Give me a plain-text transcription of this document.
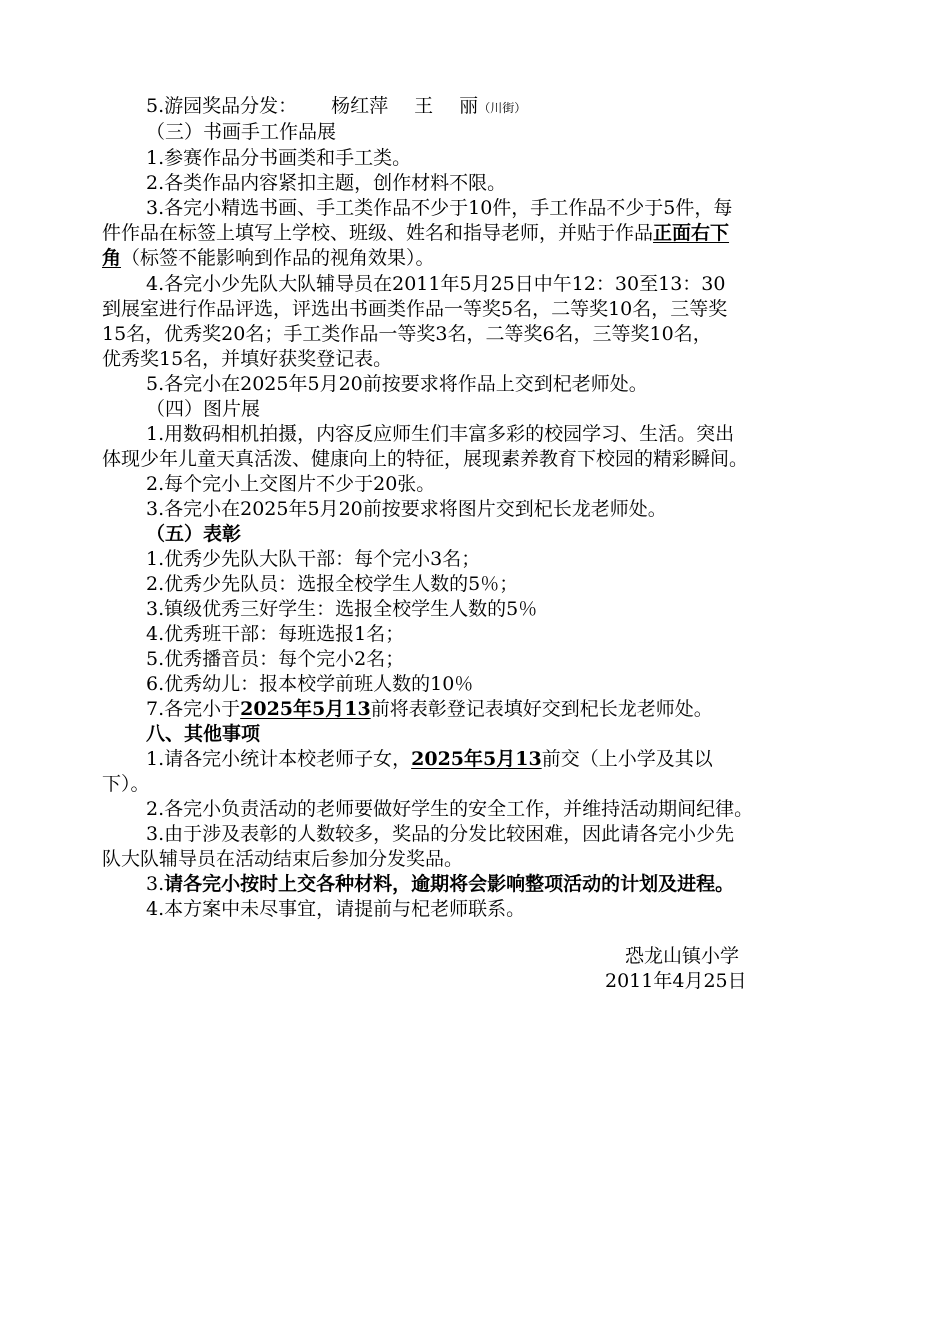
5.游园奖品分发： 杨红萍 王 丽（川街）
（三）书画手工作品展
1.参赛作品分书画类和手工类。
2.各类作品内容紧扣主题，创作材料不限。
3.各完小精选书画、手工类作品不少于10件，手工作品不少于5件，每
件作品在标签上填写上学校、班级、姓名和指导老师，并贴于作品正面右下
角（标签不能影响到作品的视角效果）。
4.各完小少先队大队辅导员在2011年5月25日中午12：30至13：30
到展室进行作品评选，评选出书画类作品一等奖5名，二等奖10名，三等奖
15名，优秀奖20名；手工类作品一等奖3名，二等奖6名，三等奖10名，
优秀奖15名，并填好获奖登记表。
5.各完小在2025年5月20前按要求将作品上交到杞老师处。
（四）图片展
1.用数码相机拍摄，内容反应师生们丰富多彩的校园学习、生活。突出
体现少年儿童天真活泼、健康向上的特征，展现素养教育下校园的精彩瞬间。
2.每个完小上交图片不少于20张。
3.各完小在2025年5月20前按要求将图片交到杞长龙老师处。
（五）表彰
1.优秀少先队大队干部：每个完小3名；
2.优秀少先队员：选报全校学生人数的5％；
3.镇级优秀三好学生：选报全校学生人数的5％
4.优秀班干部：每班选报1名；
5.优秀播音员：每个完小2名；
6.优秀幼儿：报本校学前班人数的10％
7.各完小于2025年5月13前将表彰登记表填好交到杞长龙老师处。
八、其他事项
1.请各完小统计本校老师子女，2025年5月13前交（上小学及其以
下）。
2.各完小负责活动的老师要做好学生的安全工作，并维持活动期间纪律。
3.由于涉及表彰的人数较多，奖品的分发比较困难，因此请各完小少先
队大队辅导员在活动结束后参加分发奖品。
3.请各完小按时上交各种材料，逾期将会影响整项活动的计划及进程。
4.本方案中未尽事宜，请提前与杞老师联系。
恐龙山镇小学
2011年4月25日
